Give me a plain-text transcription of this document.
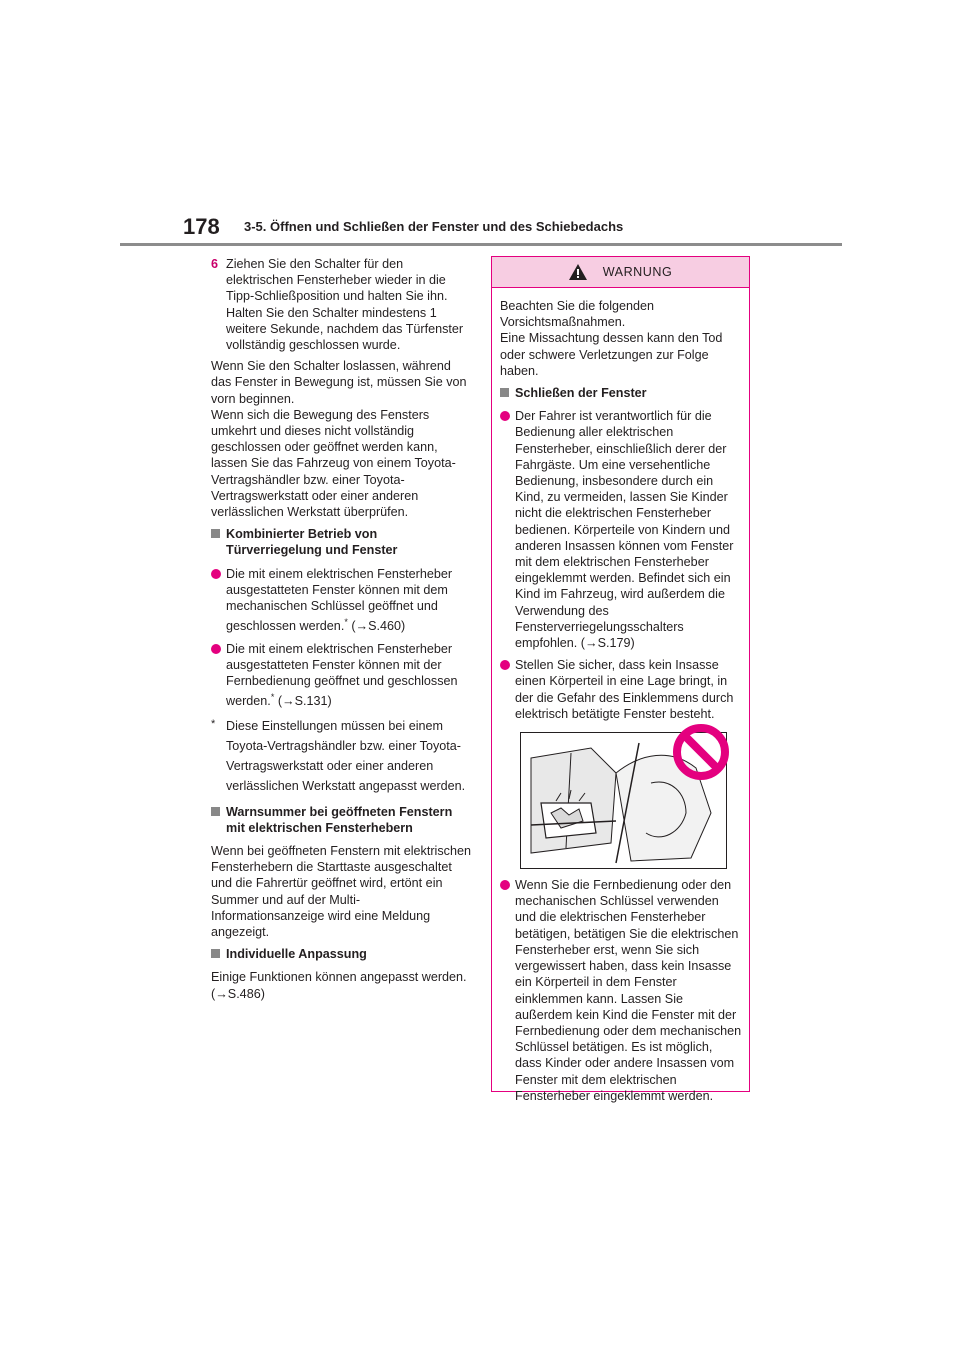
178 3-5. Öffnen und Schließen der Fenster und des Schiebedachs
6 Ziehen Sie den Schalter für den elektrischen Fensterheber wieder in die Tipp-Schließposition und halten Sie ihn. Halten Sie den Schalter mindestens 1 weitere Sekunde, nachdem das Türfenster vollständig geschlossen wurde.

Wenn Sie den Schalter loslassen, während das Fenster in Bewegung ist, müssen Sie von vorn beginnen.

Wenn sich die Bewegung des Fensters umkehrt und dieses nicht vollständig geschlossen oder geöffnet werden kann, lassen Sie das Fahrzeug von einem Toyota-Vertragshändler bzw. einer Toyota-Vertragswerkstatt oder einer anderen verlässlichen Werkstatt überprüfen.

Kombinierter Betrieb von Türverriegelung und Fenster
Die mit einem elektrischen Fensterheber ausgestatteten Fenster können mit dem mechanischen Schlüssel geöffnet und geschlossen werden.* (→S.460)
Die mit einem elektrischen Fensterheber ausgestatteten Fenster können mit der Fernbedienung geöffnet und geschlossen werden.* (→S.131)
* Diese Einstellungen müssen bei einem Toyota-Vertragshändler bzw. einer Toyota-Vertragswerkstatt oder einer anderen verlässlichen Werkstatt angepasst werden.
Warnsummer bei geöffneten Fenstern mit elektrischen Fensterhebern

Wenn bei geöffneten Fenstern mit elektrischen Fensterhebern die Starttaste ausgeschaltet und die Fahrertür geöffnet wird, ertönt ein Summer und auf der Multi-Informationsanzeige wird eine Meldung angezeigt.

Individuelle Anpassung

Einige Funktionen können angepasst werden. (→S.486)

WARNUNG

Beachten Sie die folgenden Vorsichtsmaßnahmen.

Eine Missachtung dessen kann den Tod oder schwere Verletzungen zur Folge haben.

Schließen der Fenster
Der Fahrer ist verantwortlich für die Bedienung aller elektrischen Fensterheber, einschließlich derer der Fahrgäste. Um eine versehentliche Bedienung, insbesondere durch ein Kind, zu vermeiden, lassen Sie Kinder nicht die elektrischen Fensterheber bedienen. Körperteile von Kindern und anderen Insassen können vom Fenster mit dem elektrischen Fensterheber eingeklemmt werden. Befindet sich ein Kind im Fahrzeug, wird außerdem die Verwendung des Fensterverriegelungsschalters empfohlen. (→S.179)
Stellen Sie sicher, dass kein Insasse einen Körperteil in eine Lage bringt, in der die Gefahr des Einklemmens durch elektrisch betätigte Fenster besteht.
Wenn Sie die Fernbedienung oder den mechanischen Schlüssel verwenden und die elektrischen Fensterheber betätigen, betätigen Sie die elektrischen Fensterheber erst, wenn Sie sich vergewissert haben, dass kein Insasse ein Körperteil in dem Fenster einklemmen kann. Lassen Sie außerdem kein Kind die Fenster mit der Fernbedienung oder dem mechanischen Schlüssel betätigen. Es ist möglich, dass Kinder oder andere Insassen vom Fenster mit dem elektrischen Fensterheber eingeklemmt werden.
